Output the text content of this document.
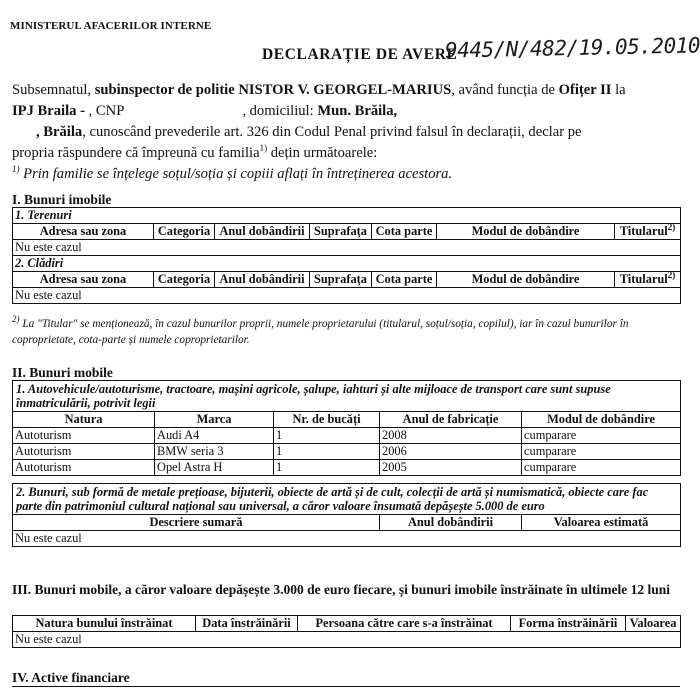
MINISTERUL AFACERILOR INTERNE
DECLARAȚIE DE AVERE
9445/N/482/19.05.2010

Subsemnatul, subinspector de politie NISTOR V. GEORGEL-MARIUS, având funcția de Ofițer II la

IPJ Braila - , CNP	, domiciliul: Mun. Brăila,

, Brăila, cunoscând prevederile art. 326 din Codul Penal privind falsul în declarații, declar pe

propria răspundere că împreună cu familia$^{1)}$ dețin următoarele:

$^{1)}$ Prin familie se înțelege soțul/soția și copiii aflați în întreținerea acestora.

I. Bunuri imobile
1. Terenuri						
Adresa sau zona	Categoria	Anul dobândirii	Suprafața	Cota parte	Modul de dobândire	Titularul$^{2)}$
Nu este cazul						
2. Clădiri						
Adresa sau zona	Categoria	Anul dobândirii	Suprafața	Cota parte	Modul de dobândire	Titularul$^{2)}$
Nu este cazul						
$^{2)}$ La "Titular" se menționează, în cazul bunurilor proprii, numele proprietarului (titularul, soțul/soția, copilul), iar în cazul bunurilor în coproprietate, cota-parte și numele coproprietarilor.
II. Bunuri mobile
1. Autovehicule/autoturisme, tractoare, mașini agricole, șalupe, iahturi și alte mijloace de transport care sunt supuse înmatriculării, potrivit legii				
Natura	Marca	Nr. de bucăți	Anul de fabricație	Modul de dobândire
Autoturism	Audi A4	1	2008	cumparare
Autoturism	BMW seria 3	1	2006	cumparare
Autoturism	Opel Astra H	1	2005	cumparare
2. Bunuri, sub formă de metale prețioase, bijuterii, obiecte de artă și de cult, colecții de artă și numismatică, obiecte care fac parte din patrimoniul cultural național sau universal, a căror valoare însumată depășește 5.000 de euro
Descriere sumară	Anul dobândirii	Valoarea estimată
Nu este cazul
III. Bunuri mobile, a căror valoare depășește 3.000 de euro fiecare, și bunuri imobile înstrăinate în ultimele 12 luni
Natura bunului înstrăinat	Data înstrăinării	Persoana către care s-a înstrăinat	Forma înstrăinării	Valoarea
Nu este cazul
IV. Active financiare
